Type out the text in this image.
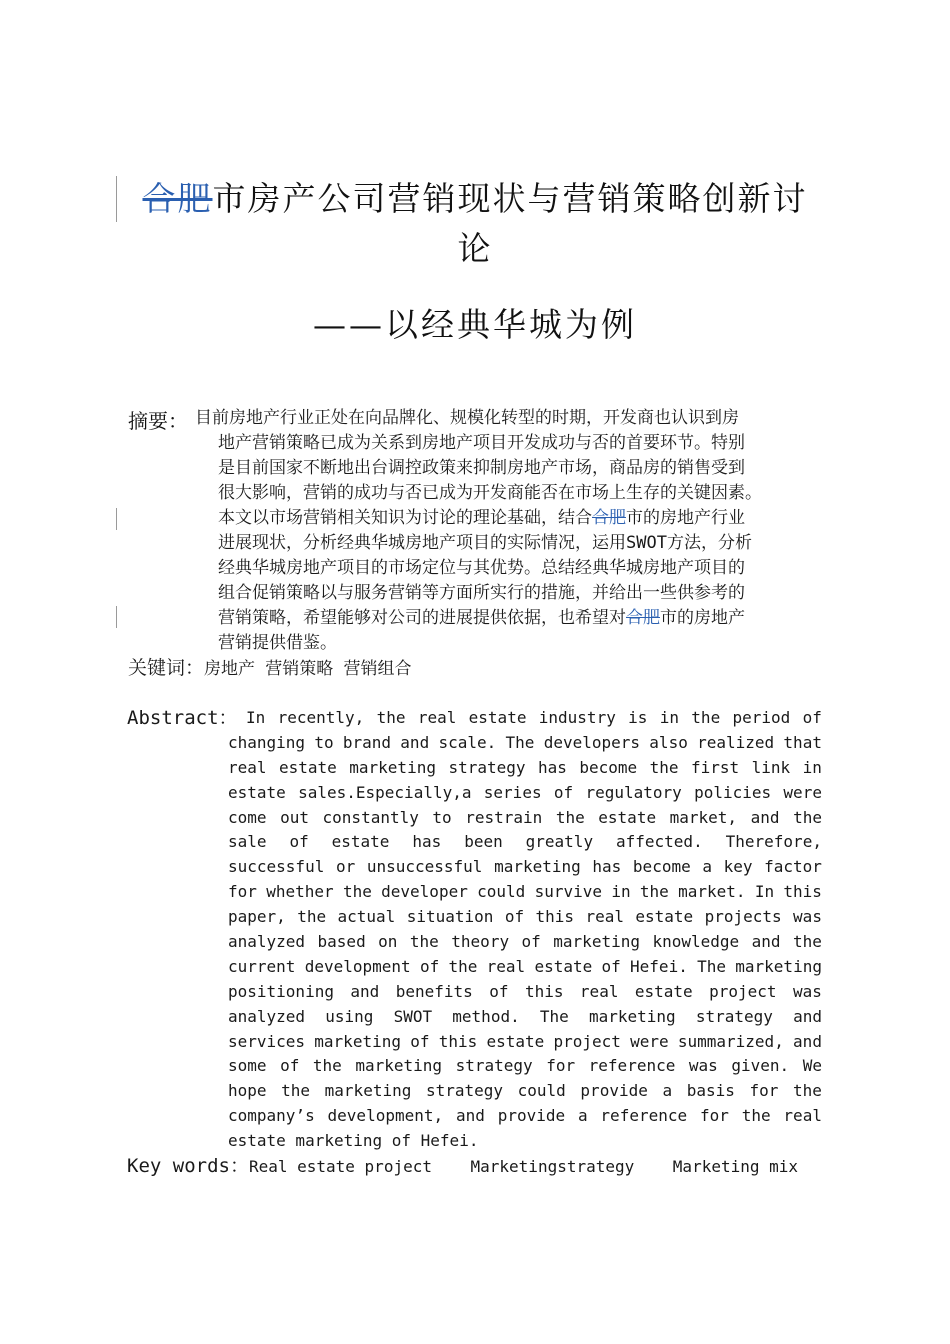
合肥市房产公司营销现状与营销策略创新讨
论
——以经典华城为例
摘要： 目前房地产行业正处在向品牌化、规模化转型的时期，开发商也认识到房
地产营销策略已成为关系到房地产项目开发成功与否的首要环节。特别
是目前国家不断地出台调控政策来抑制房地产市场，商品房的销售受到
很大影响，营销的成功与否已成为开发商能否在市场上生存的关键因素。
本文以市场营销相关知识为讨论的理论基础，结合合肥市的房地产行业
进展现状，分析经典华城房地产项目的实际情况，运用SWOT方法，分析
经典华城房地产项目的市场定位与其优势。总结经典华城房地产项目的
组合促销策略以与服务营销等方面所实行的措施，并给出一些供参考的
营销策略，希望能够对公司的进展提供依据，也希望对合肥市的房地产
营销提供借鉴。
关键词：房地产 营销策略 营销组合
Abstract： In recently, the real estate industry is in the period of
changing to brand and scale. The developers also realized that
real estate marketing strategy has become the first link in
estate sales.Especially,a series of regulatory policies were
come out constantly to restrain the estate market, and the
sale of estate has been greatly affected. Therefore,
successful or unsuccessful marketing has become a key factor
for whether the developer could survive in the market. In this
paper, the actual situation of this real estate projects was
analyzed based on the theory of marketing knowledge and the
current development of the real estate of Hefei. The marketing
positioning and benefits of this real estate project was
analyzed using SWOT method. The marketing strategy and
services marketing of this estate project were summarized, and
some of the marketing strategy for reference was given. We
hope the marketing strategy could provide a basis for the
company’s development, and provide a reference for the real
estate marketing of Hefei.
Key words：Real estate project    Marketingstrategy    Marketing mix
